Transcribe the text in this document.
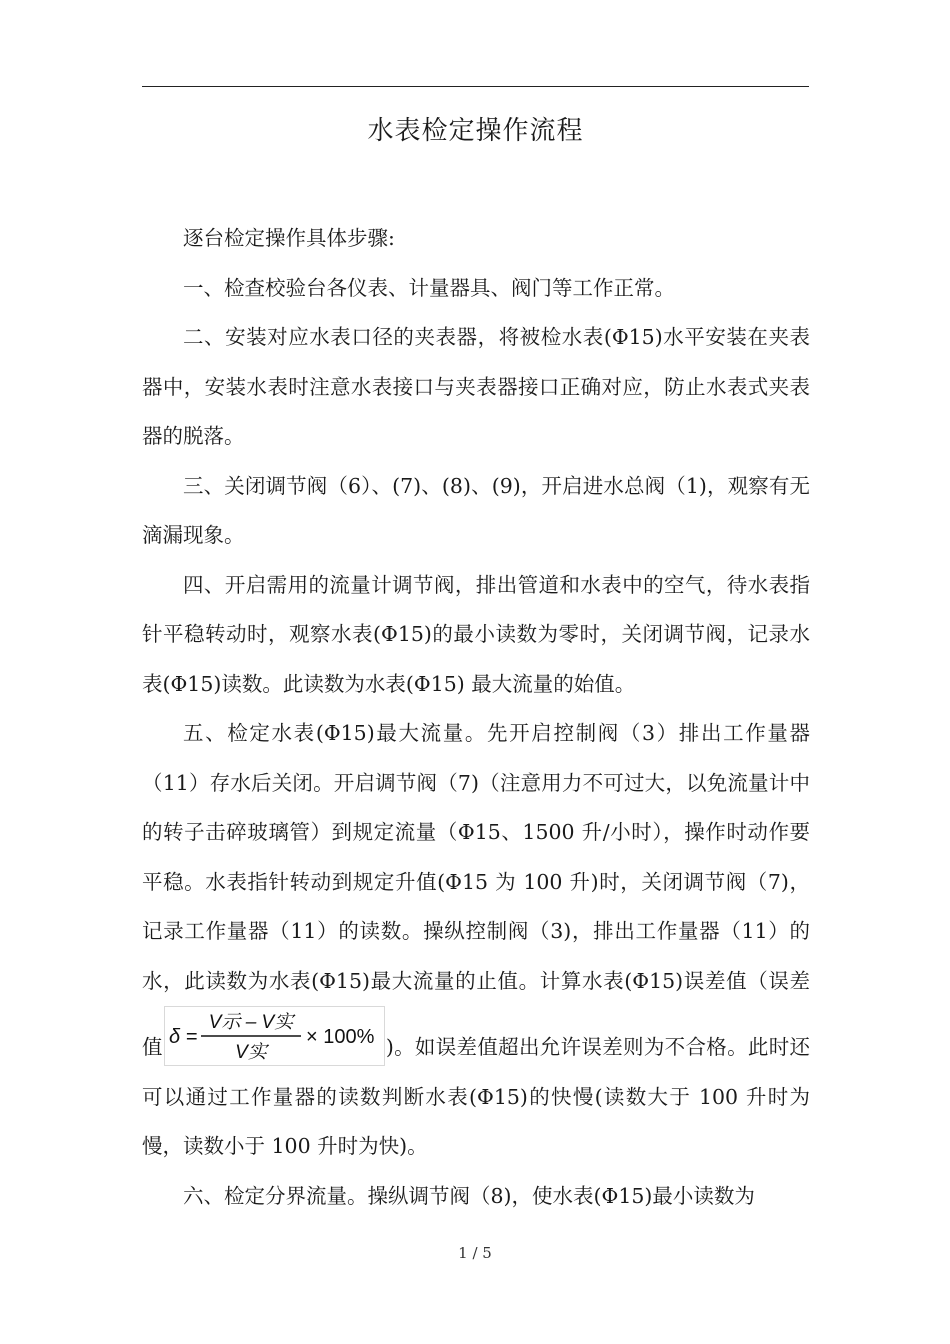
水表检定操作流程

逐台检定操作具体步骤:

一、检查校验台各仪表、计量器具、阀门等工作正常。

二、安装对应水表口径的夹表器，将被检水表(Φ15)水平安装在夹表器中，安装水表时注意水表接口与夹表器接口正确对应，防止水表式夹表器的脱落。

三、关闭调节阀（6）、(7)、(8)、(9)，开启进水总阀（1)，观察有无滴漏现象。

四、开启需用的流量计调节阀，排出管道和水表中的空气，待水表指针平稳转动时，观察水表(Φ15)的最小读数为零时，关闭调节阀，记录水表(Φ15)读数。此读数为水表(Φ15) 最大流量的始值。

五、检定水表(Φ15)最大流量。先开启控制阀（3）排出工作量器（11）存水后关闭。开启调节阀（7)（注意用力不可过大，以免流量计中的转子击碎玻璃管）到规定流量（Φ15、1500 升/小时），操作时动作要平稳。水表指针转动到规定升值(Φ15 为 100 升)时，关闭调节阀（7)，记录工作量器（11）的读数。操纵控制阀（3)，排出工作量器（11）的水，此读数为水表(Φ15)最大流量的止值。计算水表(Φ15)误差值（误差值 δ =
V示 – V实
V实
× 100% )。如误差值超出允许误差则为不合格。此时还可以通过工作量器的读数判断水表(Φ15)的快慢(读数大于 100 升时为慢，读数小于 100 升时为快)。

六、检定分界流量。操纵调节阀（8)，使水表(Φ15)最小读数为

1 / 5
